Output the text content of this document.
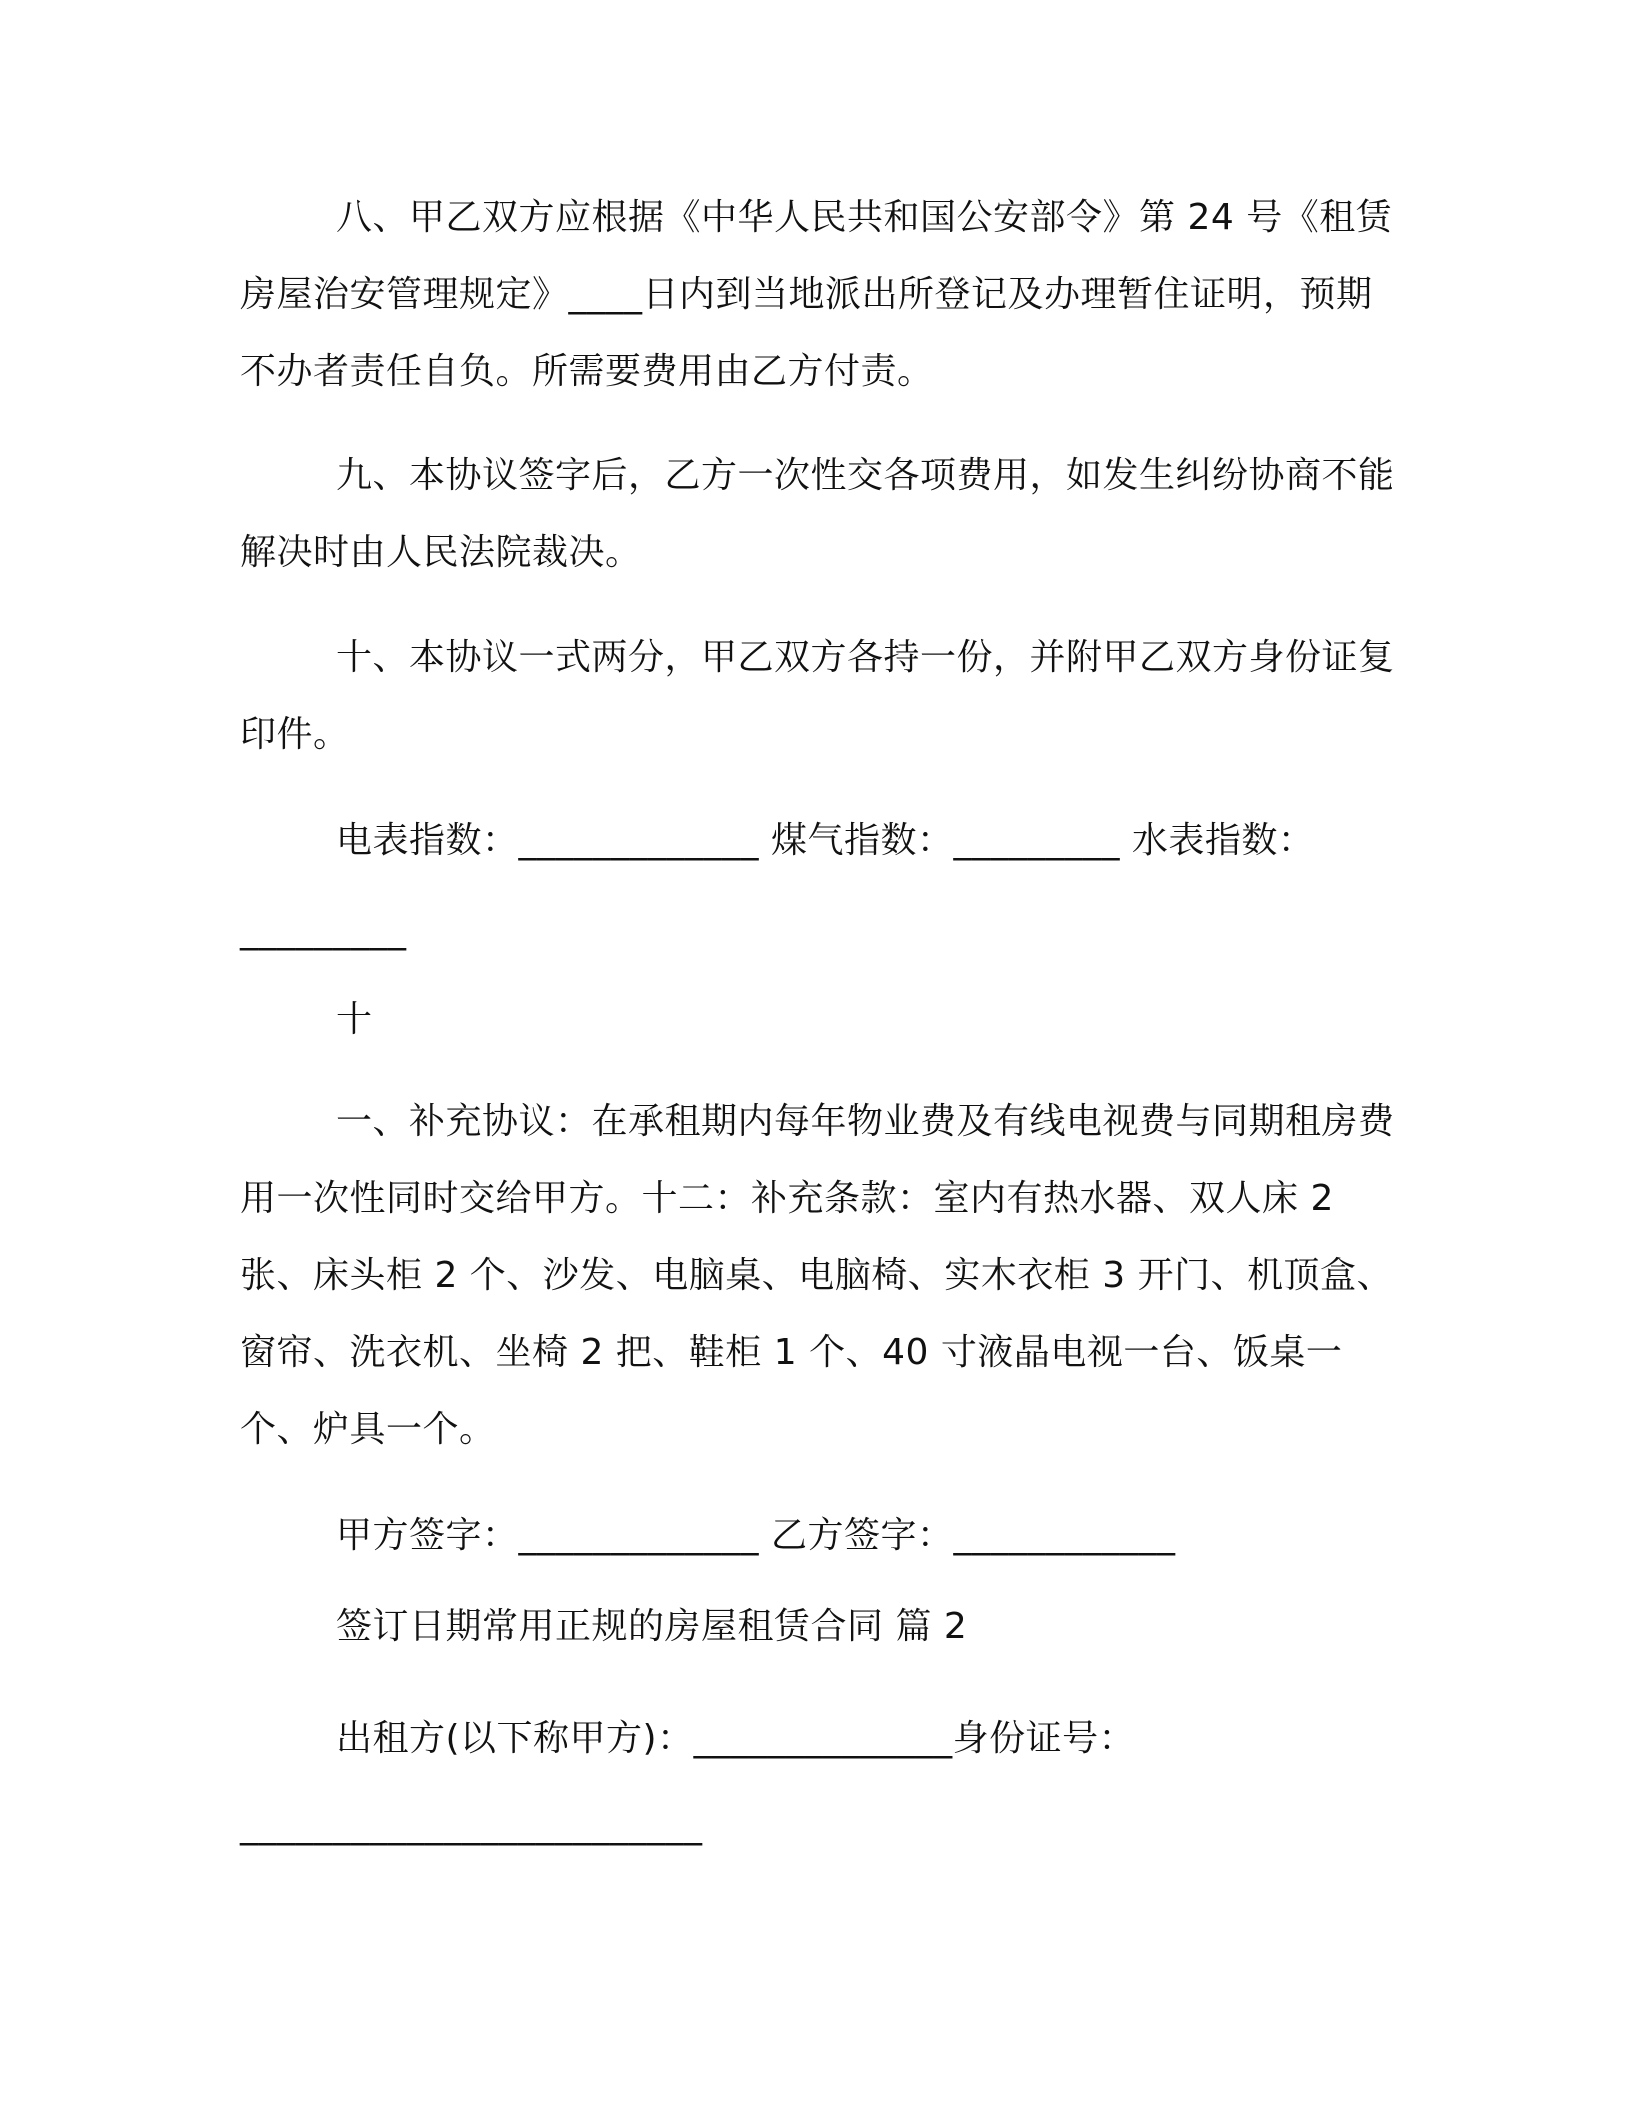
八、甲乙双方应根据《中华人民共和国公安部令》第 24 号《租赁房屋治安管理规定》____日内到当地派出所登记及办理暂住证明，预期不办者责任自负。所需要费用由乙方付责。

九、本协议签字后，乙方一次性交各项费用，如发生纠纷协商不能解决时由人民法院裁决。

十、本协议一式两分，甲乙双方各持一份，并附甲乙双方身份证复印件。

电表指数：_____________ 煤气指数：_________ 水表指数：

_________

十

一、补充协议：在承租期内每年物业费及有线电视费与同期租房费用一次性同时交给甲方。十二：补充条款：室内有热水器、双人床 2 张、床头柜 2 个、沙发、电脑桌、电脑椅、实木衣柜 3 开门、机顶盒、窗帘、洗衣机、坐椅 2 把、鞋柜 1 个、40 寸液晶电视一台、饭桌一个、炉具一个。

甲方签字：_____________ 乙方签字：____________

签订日期常用正规的房屋租赁合同 篇 2

出租方(以下称甲方)：______________身份证号：

_________________________
